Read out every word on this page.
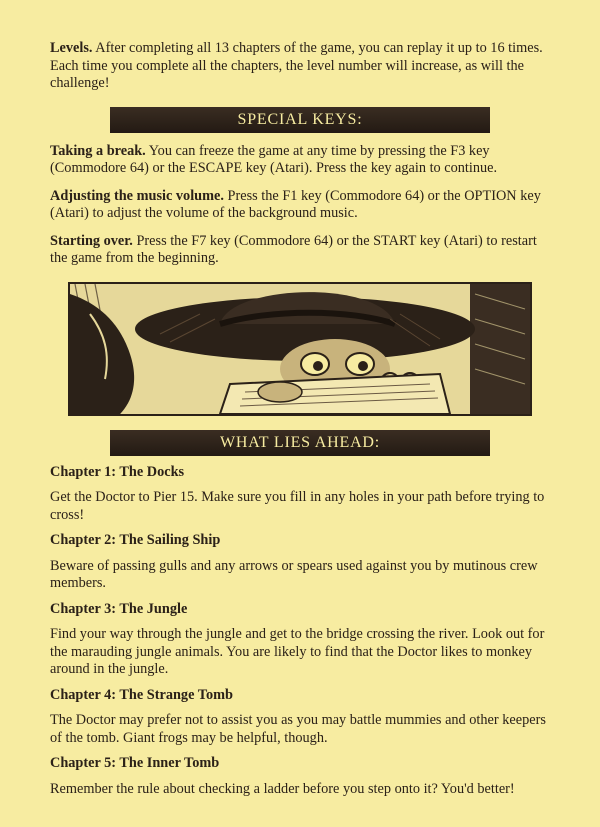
Levels. After completing all 13 chapters of the game, you can replay it up to 16 times. Each time you complete all the chapters, the level number will increase, as will the challenge!

SPECIAL KEYS:

Taking a break. You can freeze the game at any time by pressing the F3 key (Commodore 64) or the ESCAPE key (Atari). Press the key again to continue.

Adjusting the music volume. Press the F1 key (Commodore 64) or the OPTION key (Atari) to adjust the volume of the background music.

Starting over. Press the F7 key (Commodore 64) or the START key (Atari) to restart the game from the beginning.

WHAT LIES AHEAD:
Chapter 1: The Docks

Get the Doctor to Pier 15. Make sure you fill in any holes in your path before trying to cross!

Chapter 2: The Sailing Ship

Beware of passing gulls and any arrows or spears used against you by mutinous crew members.

Chapter 3: The Jungle

Find your way through the jungle and get to the bridge crossing the river. Look out for the marauding jungle animals. You are likely to find that the Doctor likes to monkey around in the jungle.

Chapter 4: The Strange Tomb

The Doctor may prefer not to assist you as you may battle mummies and other keepers of the tomb. Giant frogs may be helpful, though.

Chapter 5: The Inner Tomb

Remember the rule about checking a ladder before you step onto it? You'd better!
